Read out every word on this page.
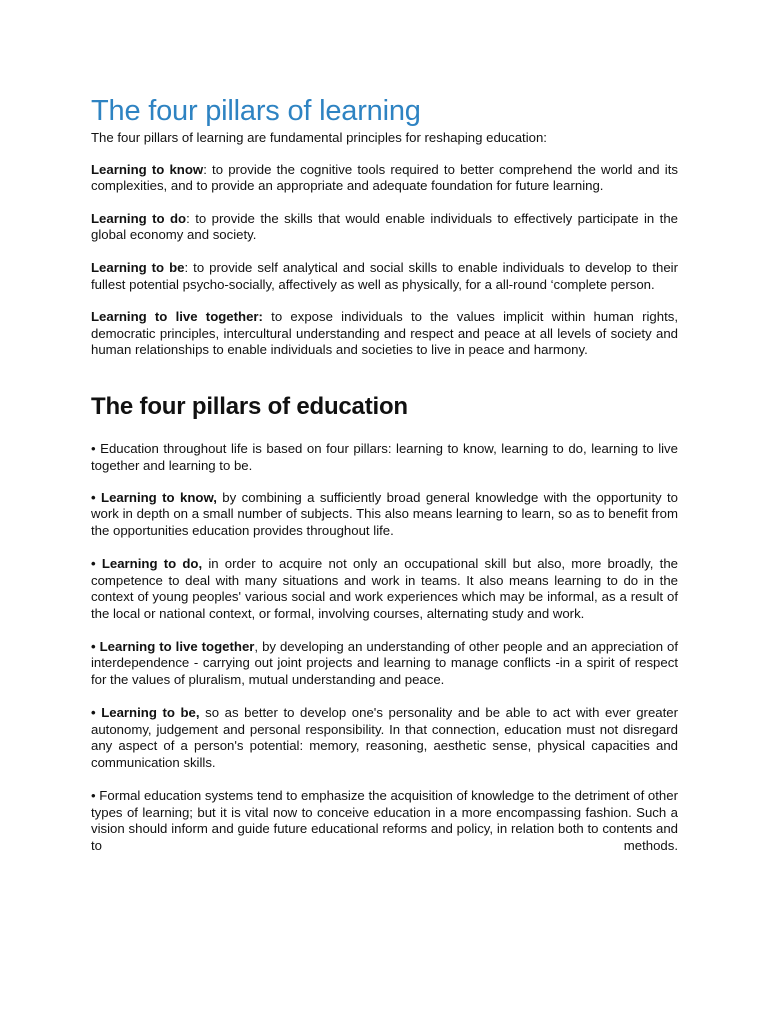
The four pillars of learning

The four pillars of learning are fundamental principles for reshaping education:

Learning to know: to provide the cognitive tools required to better comprehend the world and its complexities, and to provide an appropriate and adequate foundation for future learning.

Learning to do: to provide the skills that would enable individuals to effectively participate in the global economy and society.

Learning to be: to provide self analytical and social skills to enable individuals to develop to their fullest potential psycho-socially, affectively as well as physically, for a all-round ‘complete person.

Learning to live together: to expose individuals to the values implicit within human rights, democratic principles, intercultural understanding and respect and peace at all levels of society and human relationships to enable individuals and societies to live in peace and harmony.

The four pillars of education

• Education throughout life is based on four pillars: learning to know, learning to do, learning to live together and learning to be.

• Learning to know, by combining a sufficiently broad general knowledge with the opportunity to work in depth on a small number of subjects. This also means learning to learn, so as to benefit from the opportunities education provides throughout life.

• Learning to do, in order to acquire not only an occupational skill but also, more broadly, the competence to deal with many situations and work in teams. It also means learning to do in the context of young peoples' various social and work experiences which may be informal, as a result of the local or national context, or formal, involving courses, alternating study and work.

• Learning to live together, by developing an understanding of other people and an appreciation of interdependence - carrying out joint projects and learning to manage conflicts -in a spirit of respect for the values of pluralism, mutual understanding and peace.

• Learning to be, so as better to develop one's personality and be able to act with ever greater autonomy, judgement and personal responsibility. In that connection, education must not disregard any aspect of a person's potential: memory, reasoning, aesthetic sense, physical capacities and communication skills.

• Formal education systems tend to emphasize the acquisition of knowledge to the detriment of other types of learning; but it is vital now to conceive education in a more encompassing fashion. Such a vision should inform and guide future educational reforms and policy, in relation both to contents and to methods.
